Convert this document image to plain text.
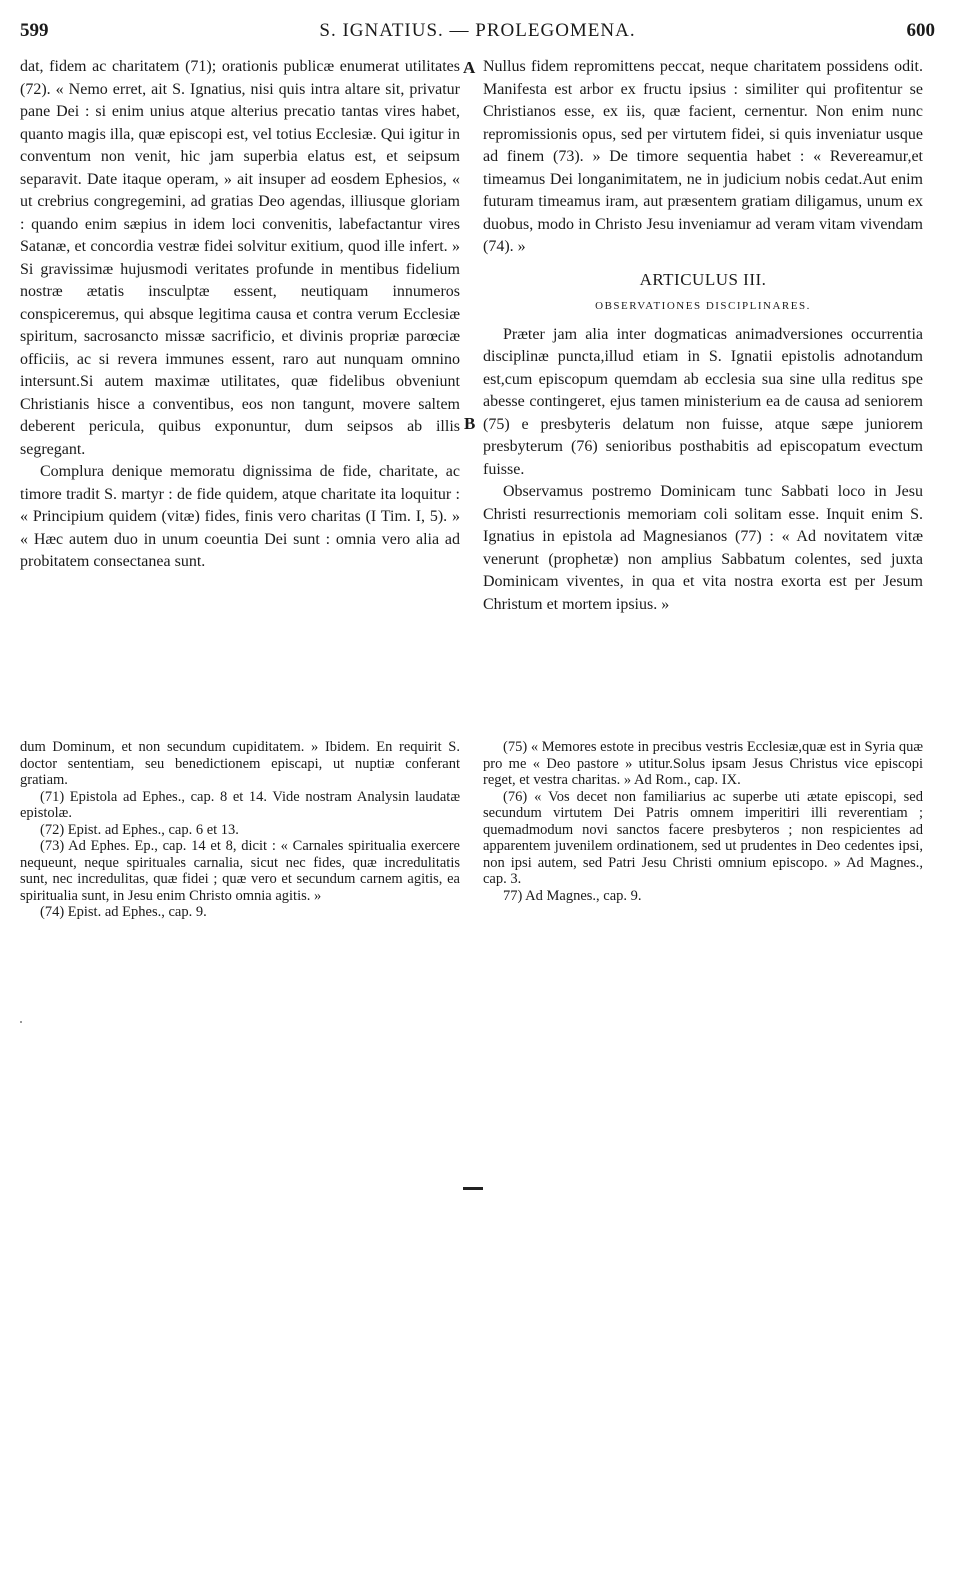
599	S. IGNATIUS. — PROLEGOMENA.	600
A
B

dat, fidem ac charitatem (71); orationis publicæ enumerat utilitates (72). « Nemo erret, ait S. Ignatius, nisi quis intra altare sit, privatur pane Dei : si enim unius atque alterius precatio tantas vires habet, quanto magis illa, quæ episcopi est, vel totius Ecclesiæ. Qui igitur in conventum non venit, hic jam superbia elatus est, et seipsum separavit. Date itaque operam, » ait insuper ad eosdem Ephesios, « ut crebrius congregemini, ad gratias Deo agendas, illiusque gloriam : quando enim sæpius in idem loci convenitis, labefactantur vires Satanæ, et concordia vestræ fidei solvitur exitium, quod ille infert. » Si gravissimæ hujusmodi veritates profunde in mentibus fidelium nostræ ætatis insculptæ essent, neutiquam innumeros conspiceremus, qui absque legitima causa et contra verum Ecclesiæ spiritum, sacrosancto missæ sacrificio, et divinis propriæ parœciæ officiis, ac si revera immunes essent, raro aut nunquam omnino intersunt.Si autem maximæ utilitates, quæ fidelibus obveniunt Christianis hisce a conventibus, eos non tangunt, movere saltem deberent pericula, quibus exponuntur, dum seipsos ab illis segregant.

Complura denique memoratu dignissima de fide, charitate, ac timore tradit S. martyr : de fide quidem, atque charitate ita loquitur : « Principium quidem (vitæ) fides, finis vero charitas (I Tim. I, 5). » « Hæc autem duo in unum coeuntia Dei sunt : omnia vero alia ad probitatem consectanea sunt.

Nullus fidem repromittens peccat, neque charitatem possidens odit. Manifesta est arbor ex fructu ipsius : similiter qui profitentur se Christianos esse, ex iis, quæ facient, cernentur. Non enim nunc repromissionis opus, sed per virtutem fidei, si quis inveniatur usque ad finem (73). » De timore sequentia habet : « Revereamur,et timeamus Dei longanimitatem, ne in judicium nobis cedat.Aut enim futuram timeamus iram, aut præsentem gratiam diligamus, unum ex duobus, modo in Christo Jesu inveniamur ad veram vitam vivendam (74). »

ARTICULUS III.
OBSERVATIONES DISCIPLINARES.

Præter jam alia inter dogmaticas animadversiones occurrentia disciplinæ puncta,illud etiam in S. Ignatii epistolis adnotandum est,cum episcopum quemdam ab ecclesia sua sine ulla reditus spe abesse contingeret, ejus tamen ministerium ea de causa ad seniorem (75) e presbyteris delatum non fuisse, atque sæpe juniorem presbyterum (76) senioribus posthabitis ad episcopatum evectum fuisse.

Observamus postremo Dominicam tunc Sabbati loco in Jesu Christi resurrectionis memoriam coli solitam esse. Inquit enim S. Ignatius in epistola ad Magnesianos (77) : « Ad novitatem vitæ venerunt (prophetæ) non amplius Sabbatum colentes, sed juxta Dominicam viventes, in qua et vita nostra exorta est per Jesum Christum et mortem ipsius. »

dum Dominum, et non secundum cupiditatem. » Ibidem. En requirit S. doctor sententiam, seu benedictionem episcapi, ut nuptiæ conferant gratiam.

(71) Epistola ad Ephes., cap. 8 et 14. Vide nostram Analysin laudatæ epistolæ.

(72) Epist. ad Ephes., cap. 6 et 13.

(73) Ad Ephes. Ep., cap. 14 et 8, dicit : « Carnales spiritualia exercere nequeunt, neque spirituales carnalia, sicut nec fides, quæ incredulitatis sunt, nec incredulitas, quæ fidei ; quæ vero et secundum carnem agitis, ea spiritualia sunt, in Jesu enim Christo omnia agitis. »

(74) Epist. ad Ephes., cap. 9.

(75) « Memores estote in precibus vestris Ecclesiæ,quæ est in Syria quæ pro me « Deo pastore » utitur.Solus ipsam Jesus Christus vice episcopi reget, et vestra charitas. » Ad Rom., cap. IX.

(76) « Vos decet non familiarius ac superbe uti ætate episcopi, sed secundum virtutem Dei Patris omnem imperitiri illi reverentiam ; quemadmodum novi sanctos facere presbyteros ; non respicientes ad apparentem juvenilem ordinationem, sed ut prudentes in Deo cedentes ipsi, non ipsi autem, sed Patri Jesu Christi omnium episcopo. » Ad Magnes., cap. 3.

77) Ad Magnes., cap. 9.
